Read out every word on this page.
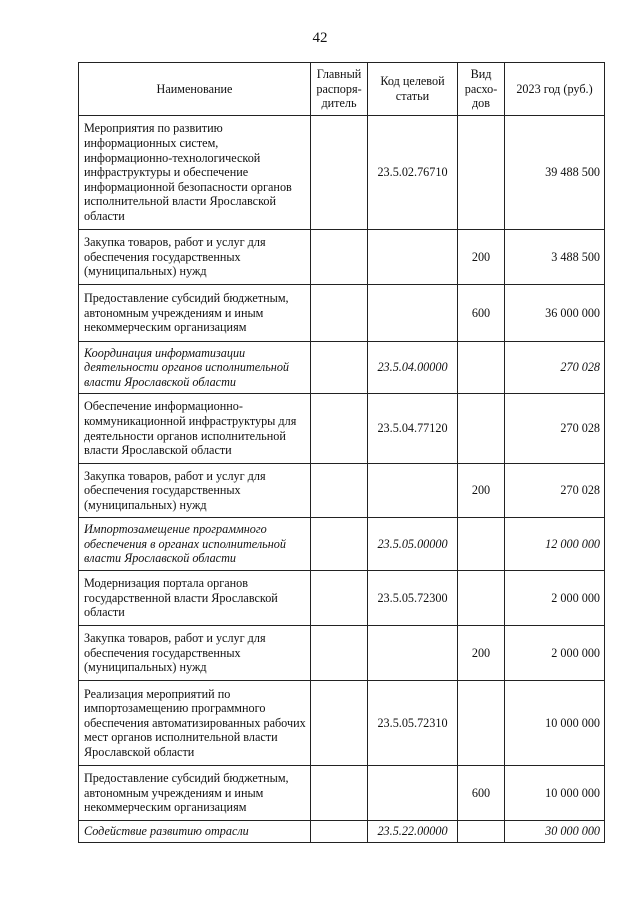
42
Наименование	Главный распоря-дитель	Код целевой статьи	Вид расхо-дов	2023 год (руб.)
Мероприятия по развитию информационных систем, информационно-технологической инфраструктуры и обеспечение информационной безопасности органов исполнительной власти Ярославской области		23.5.02.76710		39 488 500
Закупка товаров, работ и услуг для обеспечения государственных (муниципальных) нужд			200	3 488 500
Предоставление субсидий бюджетным, автономным учреждениям и иным некоммерческим организациям			600	36 000 000
Координация информатизации деятельности органов исполнительной власти Ярославской области		23.5.04.00000		270 028
Обеспечение информационно-коммуникационной инфраструктуры для деятельности органов исполнительной власти Ярославской области		23.5.04.77120		270 028
Закупка товаров, работ и услуг для обеспечения государственных (муниципальных) нужд			200	270 028
Импортозамещение программного обеспечения в органах исполнительной власти Ярославской области		23.5.05.00000		12 000 000
Модернизация портала органов государственной власти Ярославской области		23.5.05.72300		2 000 000
Закупка товаров, работ и услуг для обеспечения государственных (муниципальных) нужд			200	2 000 000
Реализация мероприятий по импортозамещению программного обеспечения автоматизированных рабочих мест органов исполнительной власти Ярославской области		23.5.05.72310		10 000 000
Предоставление субсидий бюджетным, автономным учреждениям и иным некоммерческим организациям			600	10 000 000
Содействие развитию отрасли		23.5.22.00000		30 000 000
